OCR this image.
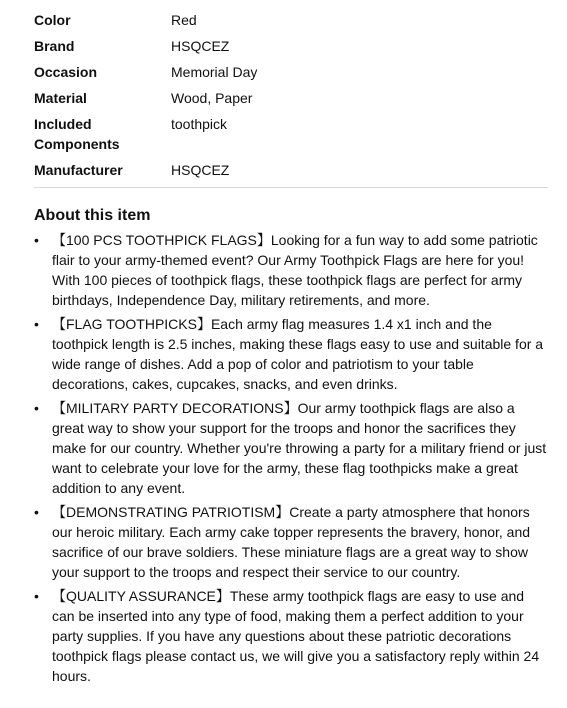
Color	Red
Brand	HSQCEZ
Occasion	Memorial Day
Material	Wood, Paper
Included Components	toothpick
Manufacturer	HSQCEZ
About this item
• 【100 PCS TOOTHPICK FLAGS】Looking for a fun way to add some patriotic flair to your army-themed event? Our Army Toothpick Flags are here for you! With 100 pieces of toothpick flags, these toothpick flags are perfect for army birthdays, Independence Day, military retirements, and more.
• 【FLAG TOOTHPICKS】Each army flag measures 1.4 x1 inch and the toothpick length is 2.5 inches, making these flags easy to use and suitable for a wide range of dishes. Add a pop of color and patriotism to your table decorations, cakes, cupcakes, snacks, and even drinks.
• 【MILITARY PARTY DECORATIONS】Our army toothpick flags are also a great way to show your support for the troops and honor the sacrifices they make for our country. Whether you're throwing a party for a military friend or just want to celebrate your love for the army, these flag toothpicks make a great addition to any event.
• 【DEMONSTRATING PATRIOTISM】Create a party atmosphere that honors our heroic military. Each army cake topper represents the bravery, honor, and sacrifice of our brave soldiers. These miniature flags are a great way to show your support to the troops and respect their service to our country.
• 【QUALITY ASSURANCE】These army toothpick flags are easy to use and can be inserted into any type of food, making them a perfect addition to your party supplies. If you have any questions about these patriotic decorations toothpick flags please contact us, we will give you a satisfactory reply within 24 hours.
